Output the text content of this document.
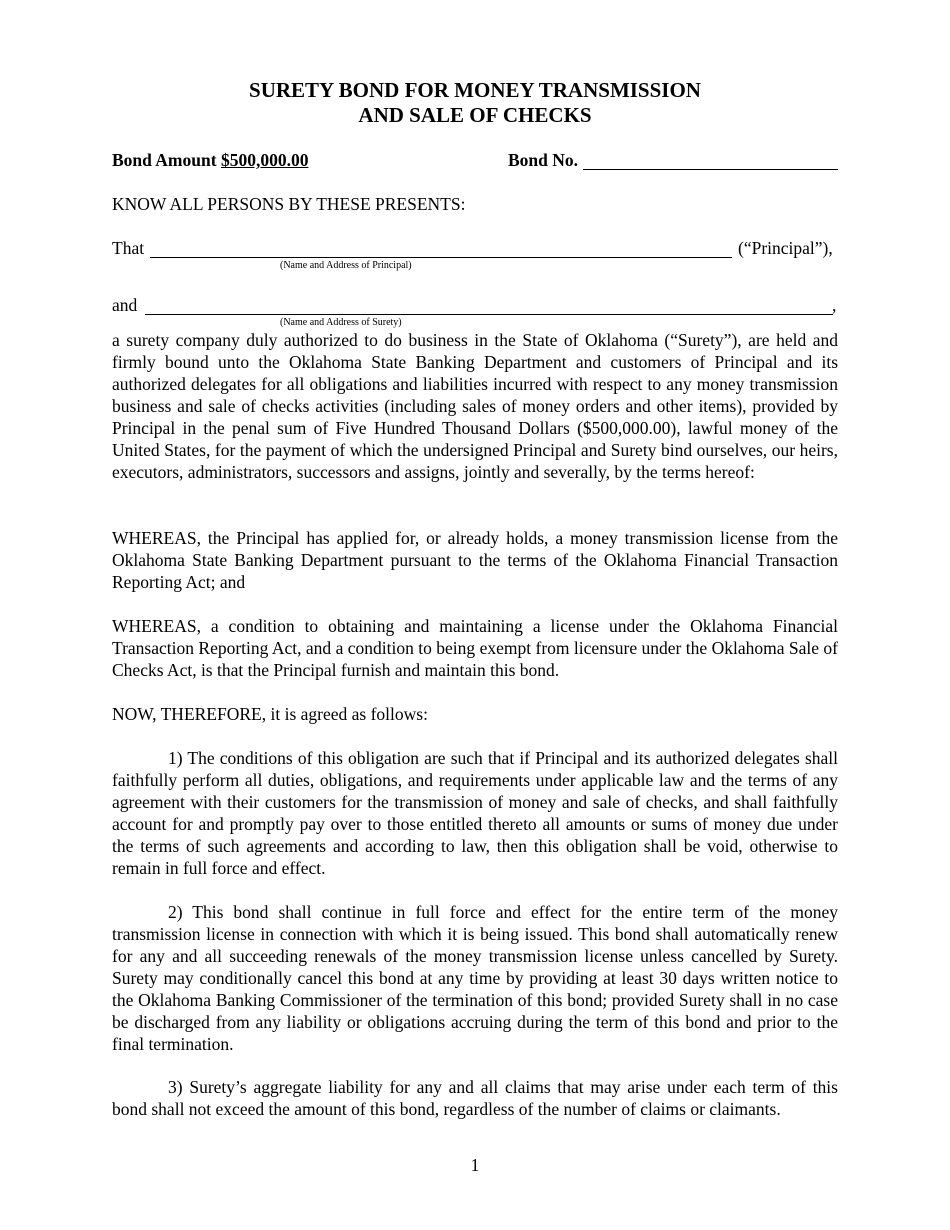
SURETY BOND FOR MONEY TRANSMISSION
AND SALE OF CHECKS
Bond Amount $500,000.00	Bond No.
KNOW ALL PERSONS BY THESE PRESENTS:
That	(“Principal”),
(Name and Address of Principal)
and	,
(Name and Address of Surety)

a surety company duly authorized to do business in the State of Oklahoma (“Surety”), are held and firmly bound unto the Oklahoma State Banking Department and customers of Principal and its authorized delegates for all obligations and liabilities incurred with respect to any money transmission business and sale of checks activities (including sales of money orders and other items), provided by Principal in the penal sum of Five Hundred Thousand Dollars ($500,000.00), lawful money of the United States, for the payment of which the undersigned Principal and Surety bind ourselves, our heirs, executors, administrators, successors and assigns, jointly and severally, by the terms hereof:

WHEREAS, the Principal has applied for, or already holds, a money transmission license from the Oklahoma State Banking Department pursuant to the terms of the Oklahoma Financial Transaction Reporting Act; and

WHEREAS, a condition to obtaining and maintaining a license under the Oklahoma Financial Transaction Reporting Act, and a condition to being exempt from licensure under the Oklahoma Sale of Checks Act, is that the Principal furnish and maintain this bond.

NOW, THEREFORE, it is agreed as follows:

1) The conditions of this obligation are such that if Principal and its authorized delegates shall faithfully perform all duties, obligations, and requirements under applicable law and the terms of any agreement with their customers for the transmission of money and sale of checks, and shall faithfully account for and promptly pay over to those entitled thereto all amounts or sums of money due under the terms of such agreements and according to law, then this obligation shall be void, otherwise to remain in full force and effect.

2) This bond shall continue in full force and effect for the entire term of the money transmission license in connection with which it is being issued. This bond shall automatically renew for any and all succeeding renewals of the money transmission license unless cancelled by Surety. Surety may conditionally cancel this bond at any time by providing at least 30 days written notice to the Oklahoma Banking Commissioner of the termination of this bond; provided Surety shall in no case be discharged from any liability or obligations accruing during the term of this bond and prior to the final termination.

3) Surety’s aggregate liability for any and all claims that may arise under each term of this bond shall not exceed the amount of this bond, regardless of the number of claims or claimants.

1
